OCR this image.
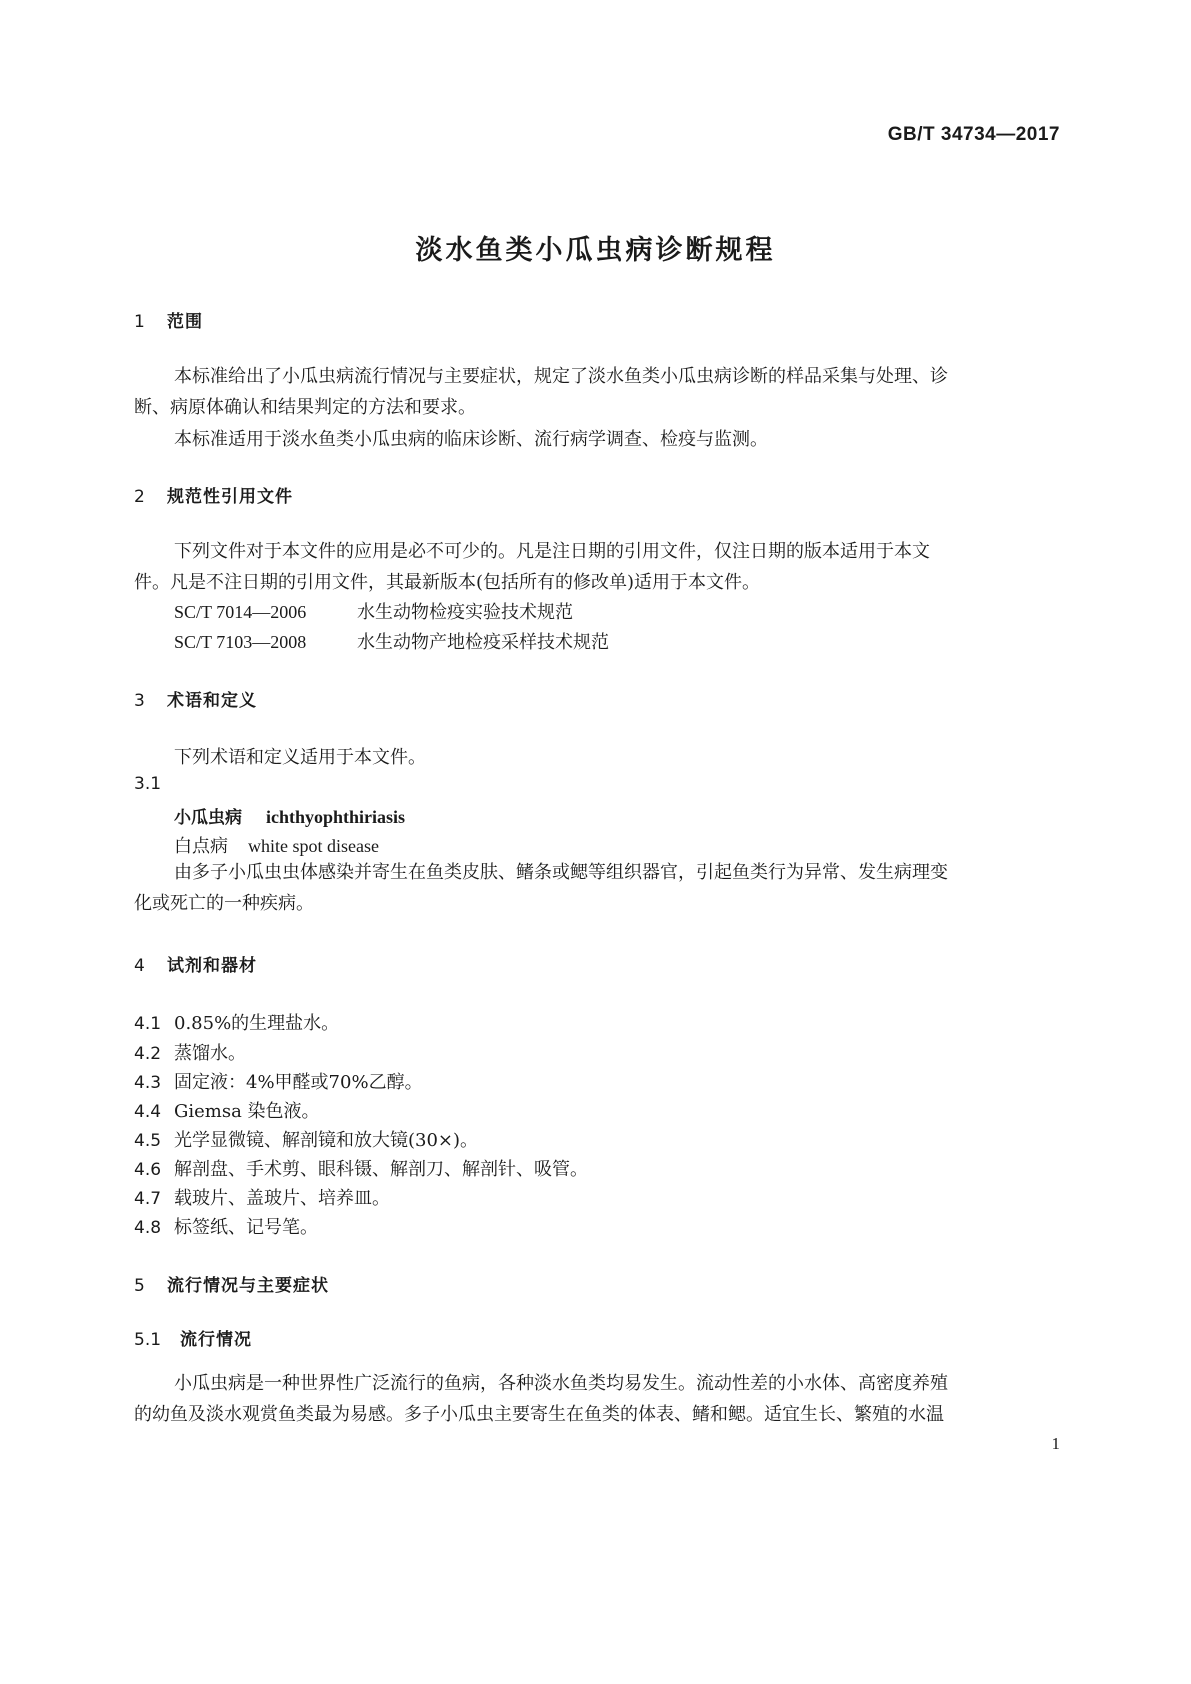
GB/T 34734—2017
淡水鱼类小瓜虫病诊断规程
1 范围
本标准给出了小瓜虫病流行情况与主要症状，规定了淡水鱼类小瓜虫病诊断的样品采集与处理、诊
断、病原体确认和结果判定的方法和要求。
本标准适用于淡水鱼类小瓜虫病的临床诊断、流行病学调查、检疫与监测。
2 规范性引用文件
下列文件对于本文件的应用是必不可少的。凡是注日期的引用文件，仅注日期的版本适用于本文
件。凡是不注日期的引用文件，其最新版本(包括所有的修改单)适用于本文件。
SC/T 7014—2006	水生动物检疫实验技术规范
SC/T 7103—2008	水生动物产地检疫采样技术规范
3 术语和定义
下列术语和定义适用于本文件。
3.1
小瓜虫病 ichthyophthiriasis
白点病 white spot disease
由多子小瓜虫虫体感染并寄生在鱼类皮肤、鳍条或鳃等组织器官，引起鱼类行为异常、发生病理变
化或死亡的一种疾病。
4 试剂和器材
4.1 0.85%的生理盐水。
4.2 蒸馏水。
4.3 固定液：4%甲醛或70%乙醇。
4.4 Giemsa 染色液。
4.5 光学显微镜、解剖镜和放大镜(30×)。
4.6 解剖盘、手术剪、眼科镊、解剖刀、解剖针、吸管。
4.7 载玻片、盖玻片、培养皿。
4.8 标签纸、记号笔。
5 流行情况与主要症状
5.1 流行情况
小瓜虫病是一种世界性广泛流行的鱼病，各种淡水鱼类均易发生。流动性差的小水体、高密度养殖
的幼鱼及淡水观赏鱼类最为易感。多子小瓜虫主要寄生在鱼类的体表、鳍和鳃。适宜生长、繁殖的水温
1
